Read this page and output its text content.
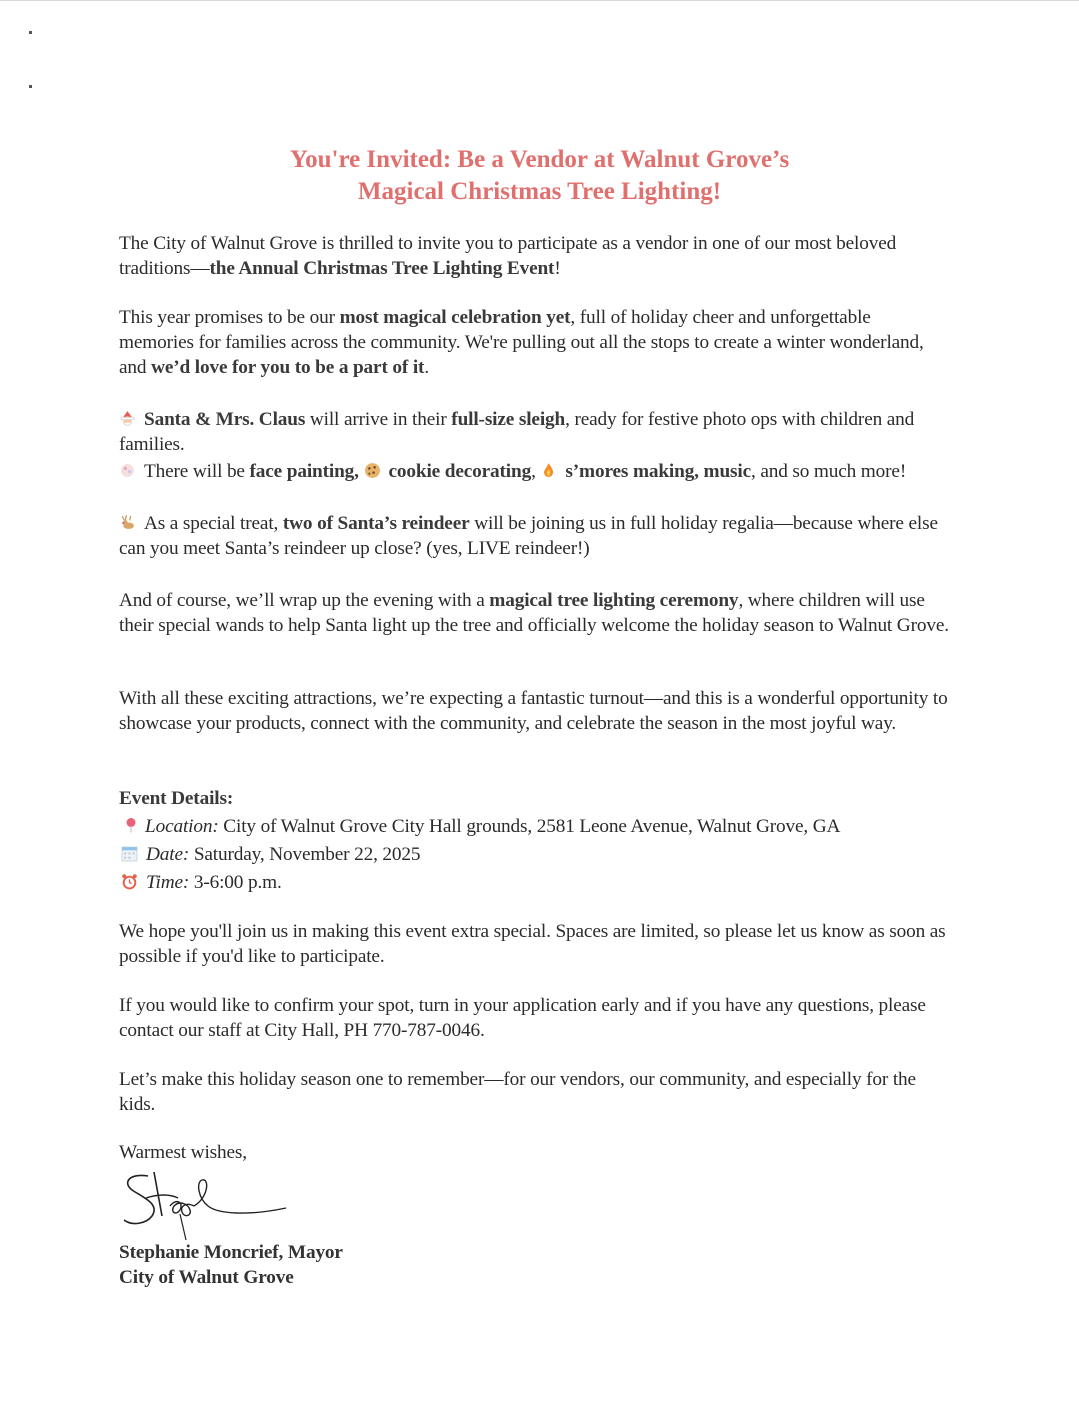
You're Invited: Be a Vendor at Walnut Grove’s
Magical Christmas Tree Lighting!
The City of Walnut Grove is thrilled to invite you to participate as a vendor in one of our most beloved traditions—the Annual Christmas Tree Lighting Event!
This year promises to be our most magical celebration yet, full of holiday cheer and unforgettable memories for families across the community. We're pulling out all the stops to create a winter wonderland, and we’d love for you to be a part of it.
Santa & Mrs. Claus will arrive in their full-size sleigh, ready for festive photo ops with children and families.
There will be face painting, cookie decorating, s’mores making, music, and so much more!
As a special treat, two of Santa’s reindeer will be joining us in full holiday regalia—because where else can you meet Santa’s reindeer up close? (yes, LIVE reindeer!)
And of course, we’ll wrap up the evening with a magical tree lighting ceremony, where children will use their special wands to help Santa light up the tree and officially welcome the holiday season to Walnut Grove.
With all these exciting attractions, we’re expecting a fantastic turnout—and this is a wonderful opportunity to showcase your products, connect with the community, and celebrate the season in the most joyful way.
Event Details:
Location: City of Walnut Grove City Hall grounds, 2581 Leone Avenue, Walnut Grove, GA
Date: Saturday, November 22, 2025
Time: 3-6:00 p.m.
We hope you'll join us in making this event extra special. Spaces are limited, so please let us know as soon as possible if you'd like to participate.
If you would like to confirm your spot, turn in your application early and if you have any questions, please contact our staff at City Hall, PH 770-787-0046.
Let’s make this holiday season one to remember—for our vendors, our community, and especially for the kids.
Warmest wishes,
Stephanie Moncrief, Mayor
City of Walnut Grove
